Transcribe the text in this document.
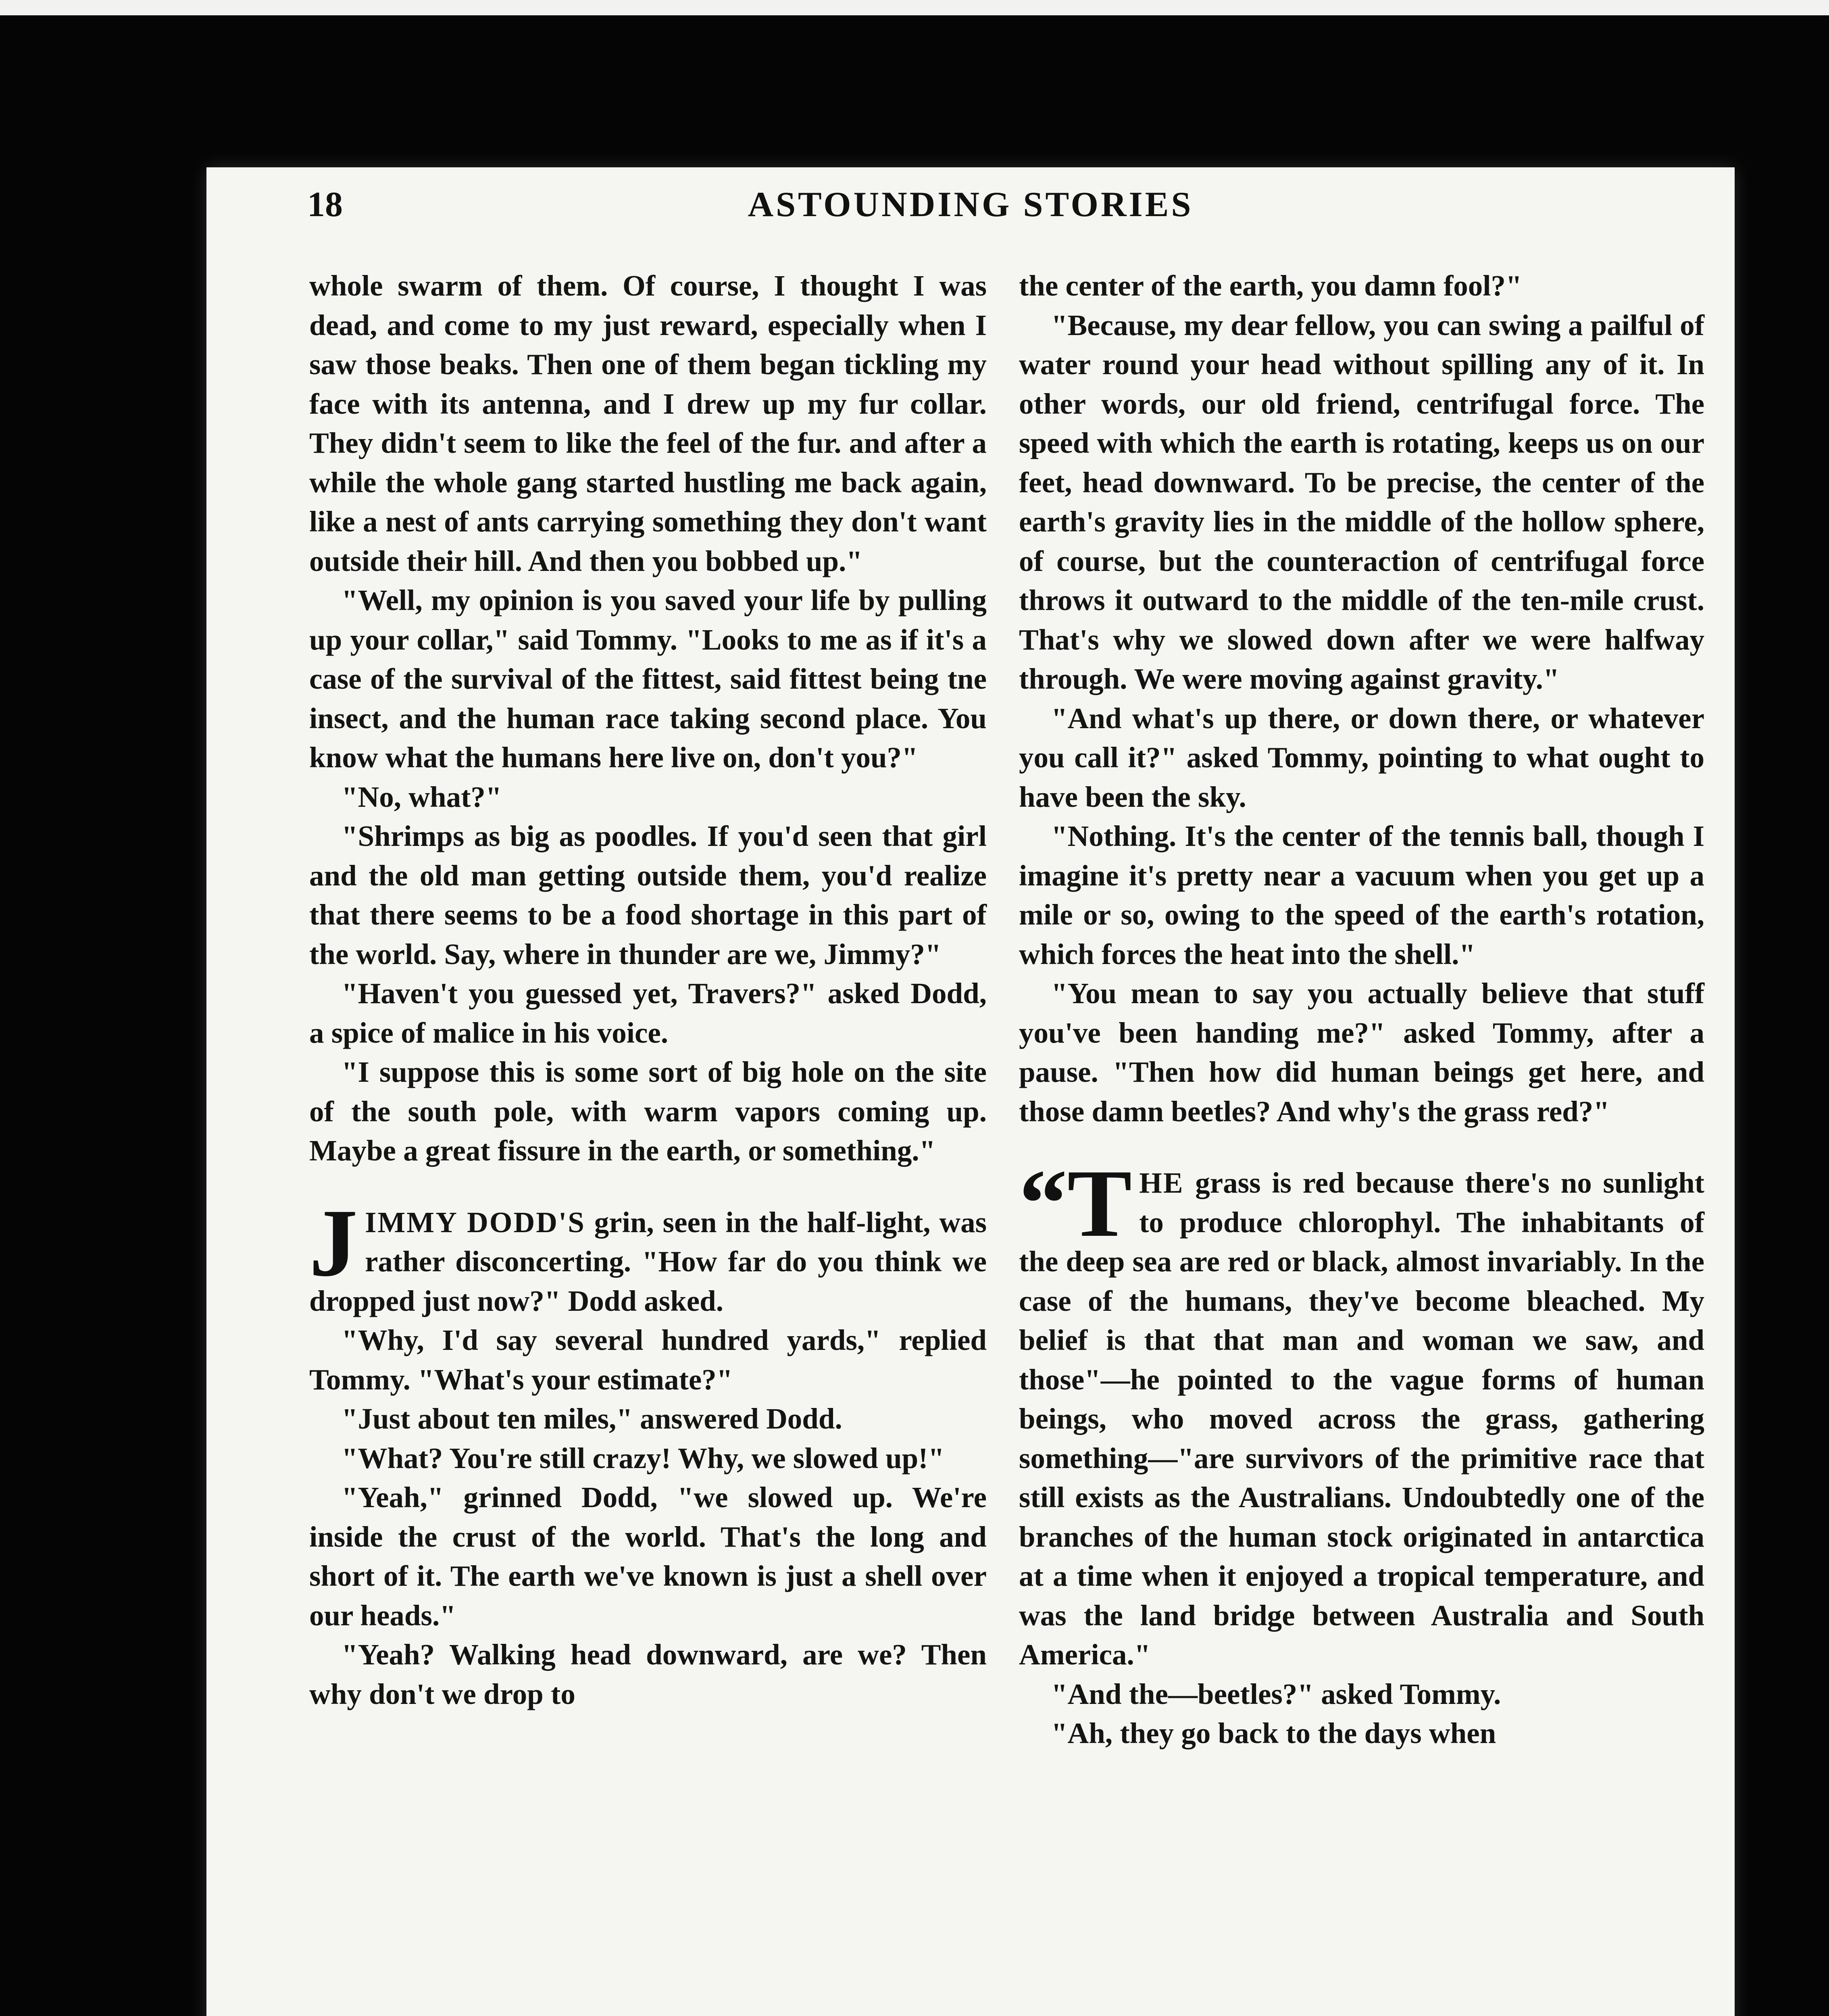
18	ASTOUNDING STORIES

whole swarm of them. Of course, I thought I was dead, and come to my just reward, especially when I saw those beaks. Then one of them began tickling my face with its antenna, and I drew up my fur collar. They didn't seem to like the feel of the fur. and after a while the whole gang started hustling me back again, like a nest of ants carrying something they don't want outside their hill. And then you bobbed up."

"Well, my opinion is you saved your life by pulling up your collar," said Tommy. "Looks to me as if it's a case of the survival of the fittest, said fittest being tne insect, and the human race taking second place. You know what the humans here live on, don't you?"

"No, what?"

"Shrimps as big as poodles. If you'd seen that girl and the old man getting outside them, you'd realize that there seems to be a food shortage in this part of the world. Say, where in thunder are we, Jimmy?"

"Haven't you guessed yet, Travers?" asked Dodd, a spice of malice in his voice.

"I suppose this is some sort of big hole on the site of the south pole, with warm vapors coming up. Maybe a great fissure in the earth, or something."

JIMMY DODD'S grin, seen in the half-light, was rather disconcerting. "How far do you think we dropped just now?" Dodd asked.

"Why, I'd say several hundred yards," replied Tommy. "What's your estimate?"

"Just about ten miles," answered Dodd.

"What? You're still crazy! Why, we slowed up!"

"Yeah," grinned Dodd, "we slowed up. We're inside the crust of the world. That's the long and short of it. The earth we've known is just a shell over our heads."

"Yeah? Walking head downward, are we? Then why don't we drop to

the center of the earth, you damn fool?"

"Because, my dear fellow, you can swing a pailful of water round your head without spilling any of it. In other words, our old friend, centrifugal force. The speed with which the earth is rotating, keeps us on our feet, head downward. To be precise, the center of the earth's gravity lies in the middle of the hollow sphere, of course, but the counteraction of centrifugal force throws it outward to the middle of the ten-mile crust. That's why we slowed down after we were halfway through. We were moving against gravity."

"And what's up there, or down there, or whatever you call it?" asked Tommy, pointing to what ought to have been the sky.

"Nothing. It's the center of the tennis ball, though I imagine it's pretty near a vacuum when you get up a mile or so, owing to the speed of the earth's rotation, which forces the heat into the shell."

"You mean to say you actually believe that stuff you've been handing me?" asked Tommy, after a pause. "Then how did human beings get here, and those damn beetles? And why's the grass red?"

“THE grass is red because there's no sunlight to produce chlorophyl. The inhabitants of the deep sea are red or black, almost invariably. In the case of the humans, they've become bleached. My belief is that that man and woman we saw, and those"—he pointed to the vague forms of human beings, who moved across the grass, gathering something—"are survivors of the primitive race that still exists as the Australians. Undoubtedly one of the branches of the human stock originated in antarctica at a time when it enjoyed a tropical temperature, and was the land bridge between Australia and South America."

"And the—beetles?" asked Tommy.

"Ah, they go back to the days when
